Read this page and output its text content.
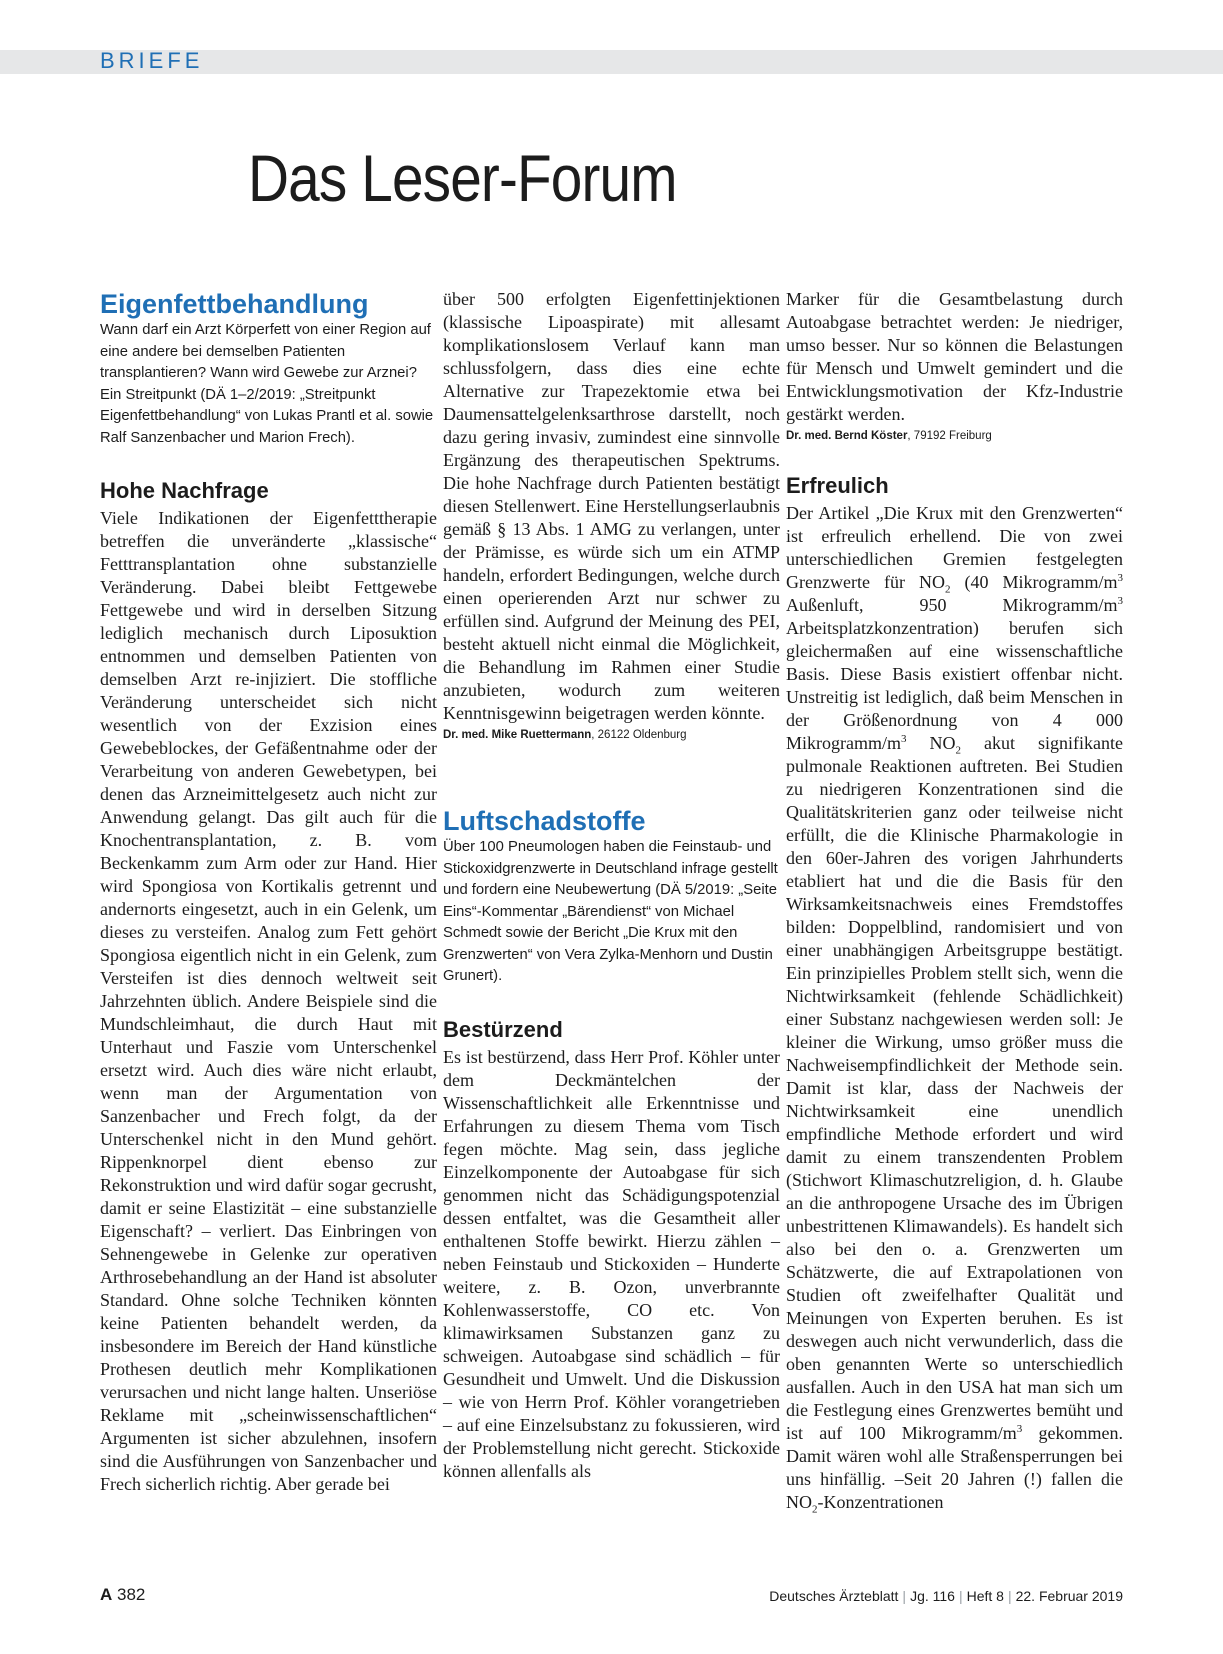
BRIEFE
Das Leser-Forum
Eigenfettbehandlung

Wann darf ein Arzt Körperfett von einer Region auf eine andere bei demselben Patienten transplantieren? Wann wird Gewebe zur Arznei? Ein Streitpunkt (DÄ 1–2/2019: „Streitpunkt Eigenfettbehandlung“ von Lukas Prantl et al. sowie Ralf Sanzenbacher und Marion Frech).

Hohe Nachfrage

Viele Indikationen der Eigenfetttherapie betreffen die unveränderte „klassische“ Fetttransplantation ohne substanzielle Veränderung. Dabei bleibt Fettgewebe Fettgewebe und wird in derselben Sitzung lediglich mechanisch durch Liposuktion entnommen und demselben Patienten von demselben Arzt re-injiziert. Die stoffliche Veränderung unterscheidet sich nicht wesentlich von der Exzision eines Gewebeblockes, der Gefäßentnahme oder der Verarbeitung von anderen Gewebetypen, bei denen das Arzneimittelgesetz auch nicht zur Anwendung gelangt. Das gilt auch für die Knochentransplantation, z. B. vom Beckenkamm zum Arm oder zur Hand. Hier wird Spongiosa von Kortikalis getrennt und andernorts eingesetzt, auch in ein Gelenk, um dieses zu versteifen. Analog zum Fett gehört Spongiosa eigentlich nicht in ein Gelenk, zum Versteifen ist dies dennoch weltweit seit Jahrzehnten üblich. Andere Beispiele sind die Mundschleimhaut, die durch Haut mit Unterhaut und Faszie vom Unterschenkel ersetzt wird. Auch dies wäre nicht erlaubt, wenn man der Argumentation von Sanzenbacher und Frech folgt, da der Unterschenkel nicht in den Mund gehört. Rippenknorpel dient ebenso zur Rekonstruktion und wird dafür sogar gecrusht, damit er seine Elastizität – eine substanzielle Eigenschaft? – verliert. Das Einbringen von Sehnengewebe in Gelenke zur operativen Arthrosebehandlung an der Hand ist absoluter Standard. Ohne solche Techniken könnten keine Patienten behandelt werden, da insbesondere im Bereich der Hand künstliche Prothesen deutlich mehr Komplikationen verursachen und nicht lange halten. Unseriöse Reklame mit „scheinwissenschaftlichen“ Argumenten ist sicher abzulehnen, insofern sind die Ausführungen von Sanzenbacher und Frech sicherlich richtig. Aber gerade bei

über 500 erfolgten Eigenfettinjektionen (klassische Lipoaspirate) mit allesamt komplikationslosem Verlauf kann man schlussfolgern, dass dies eine echte Alternative zur Trapezektomie etwa bei Daumensattelgelenksarthrose darstellt, noch dazu gering invasiv, zumindest eine sinnvolle Ergänzung des therapeutischen Spektrums. Die hohe Nachfrage durch Patienten bestätigt diesen Stellenwert. Eine Herstellungserlaubnis gemäß § 13 Abs. 1 AMG zu verlangen, unter der Prämisse, es würde sich um ein ATMP handeln, erfordert Bedingungen, welche durch einen operierenden Arzt nur schwer zu erfüllen sind. Aufgrund der Meinung des PEI, besteht aktuell nicht einmal die Möglichkeit, die Behandlung im Rahmen einer Studie anzubieten, wodurch zum weiteren Kenntnisgewinn beigetragen werden könnte.

Dr. med. Mike Ruettermann, 26122 Oldenburg

Luftschadstoffe

Über 100 Pneumologen haben die Feinstaub- und Stickoxidgrenzwerte in Deutschland infrage gestellt und fordern eine Neubewertung (DÄ 5/2019: „Seite Eins“-Kommentar „Bärendienst“ von Michael Schmedt sowie der Bericht „Die Krux mit den Grenzwerten“ von Vera Zylka-Menhorn und Dustin Grunert).

Bestürzend

Es ist bestürzend, dass Herr Prof. Köhler unter dem Deckmäntelchen der Wissenschaftlichkeit alle Erkenntnisse und Erfahrungen zu diesem Thema vom Tisch fegen möchte. Mag sein, dass jegliche Einzelkomponente der Autoabgase für sich genommen nicht das Schädigungspotenzial dessen entfaltet, was die Gesamtheit aller enthaltenen Stoffe bewirkt. Hierzu zählen – neben Feinstaub und Stickoxiden – Hunderte weitere, z. B. Ozon, unverbrannte Kohlenwasserstoffe, CO etc. Von klimawirksamen Substanzen ganz zu schweigen. Autoabgase sind schädlich – für Gesundheit und Umwelt. Und die Diskussion – wie von Herrn Prof. Köhler vorangetrieben – auf eine Einzelsubstanz zu fokussieren, wird der Problemstellung nicht gerecht. Stickoxide können allenfalls als

Marker für die Gesamtbelastung durch Autoabgase betrachtet werden: Je niedriger, umso besser. Nur so können die Belastungen für Mensch und Umwelt gemindert und die Entwicklungsmotivation der Kfz-Industrie gestärkt werden.

Dr. med. Bernd Köster, 79192 Freiburg

Erfreulich

Der Artikel „Die Krux mit den Grenzwerten“ ist erfreulich erhellend. Die von zwei unterschiedlichen Gremien festgelegten Grenzwerte für $NO_2$ (40 Mikrogramm/$m^3$ Außenluft, 950 Mikrogramm/$m^3$ Arbeitsplatzkonzentration) berufen sich gleichermaßen auf eine wissenschaftliche Basis. Diese Basis existiert offenbar nicht. Unstreitig ist lediglich, daß beim Menschen in der Größenordnung von 4 000 Mikrogramm/$m^3$ $NO_2$ akut signifikante pulmonale Reaktionen auftreten. Bei Studien zu niedrigeren Konzentrationen sind die Qualitätskriterien ganz oder teilweise nicht erfüllt, die die Klinische Pharmakologie in den 60er-Jahren des vorigen Jahrhunderts etabliert hat und die die Basis für den Wirksamkeitsnachweis eines Fremdstoffes bilden: Doppelblind, randomisiert und von einer unabhängigen Arbeitsgruppe bestätigt. Ein prinzipielles Problem stellt sich, wenn die Nichtwirksamkeit (fehlende Schädlichkeit) einer Substanz nachgewiesen werden soll: Je kleiner die Wirkung, umso größer muss die Nachweisempfindlichkeit der Methode sein. Damit ist klar, dass der Nachweis der Nichtwirksamkeit eine unendlich empfindliche Methode erfordert und wird damit zu einem transzendenten Problem (Stichwort Klimaschutzreligion, d. h. Glaube an die anthropogene Ursache des im Übrigen unbestrittenen Klimawandels). Es handelt sich also bei den o. a. Grenzwerten um Schätzwerte, die auf Extrapolationen von Studien oft zweifelhafter Qualität und Meinungen von Experten beruhen. Es ist deswegen auch nicht verwunderlich, dass die oben genannten Werte so unterschiedlich ausfallen. Auch in den USA hat man sich um die Festlegung eines Grenzwertes bemüht und ist auf 100 Mikrogramm/$m^3$ gekommen. Damit wären wohl alle Straßensperrungen bei uns hinfällig. –Seit 20 Jahren (!) fallen die $NO_2$-Konzentrationen

A 382	Deutsches Ärzteblatt | Jg. 116 | Heft 8 | 22. Februar 2019
